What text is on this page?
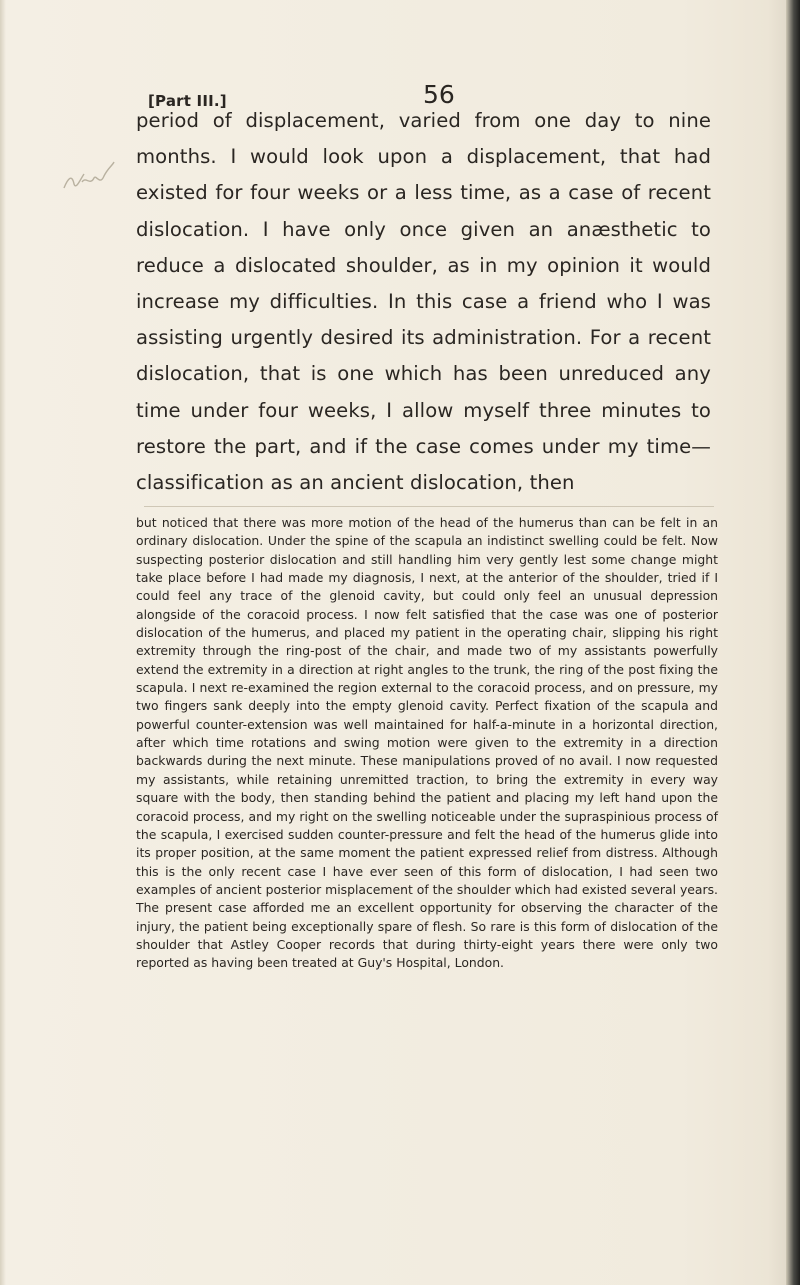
[Part III.]	56

period of displacement, varied from one day to nine months. I would look upon a displacement, that had existed for four weeks or a less time, as a case of recent dislocation. I have only once given an anæsthetic to reduce a dislocated shoulder, as in my opinion it would increase my difficulties. In this case a friend who I was assisting urgently desired its administration. For a recent dislocation, that is one which has been unreduced any time under four weeks, I allow myself three minutes to restore the part, and if the case comes under my time—classification as an ancient dislocation, then

but noticed that there was more motion of the head of the humerus than can be felt in an ordinary dislocation. Under the spine of the scapula an indistinct swelling could be felt. Now suspecting posterior dislocation and still handling him very gently lest some change might take place before I had made my diagnosis, I next, at the anterior of the shoulder, tried if I could feel any trace of the glenoid cavity, but could only feel an unusual depression alongside of the coracoid process. I now felt satisfied that the case was one of posterior dislocation of the humerus, and placed my patient in the operating chair, slipping his right extremity through the ring-post of the chair, and made two of my assistants powerfully extend the extremity in a direction at right angles to the trunk, the ring of the post fixing the scapula. I next re-examined the region external to the coracoid process, and on pressure, my two fingers sank deeply into the empty glenoid cavity. Perfect fixation of the scapula and powerful counter-extension was well maintained for half-a-minute in a horizontal direction, after which time rotations and swing motion were given to the extremity in a direction backwards during the next minute. These manipulations proved of no avail. I now requested my assistants, while retaining unremitted traction, to bring the extremity in every way square with the body, then standing behind the patient and placing my left hand upon the coracoid process, and my right on the swelling noticeable under the supraspinious process of the scapula, I exercised sudden counter-pressure and felt the head of the humerus glide into its proper position, at the same moment the patient expressed relief from distress. Although this is the only recent case I have ever seen of this form of dislocation, I had seen two examples of ancient posterior misplacement of the shoulder which had existed several years. The present case afforded me an excellent opportunity for observing the character of the injury, the patient being exceptionally spare of flesh. So rare is this form of dislocation of the shoulder that Astley Cooper records that during thirty-eight years there were only two reported as having been treated at Guy's Hospital, London.
